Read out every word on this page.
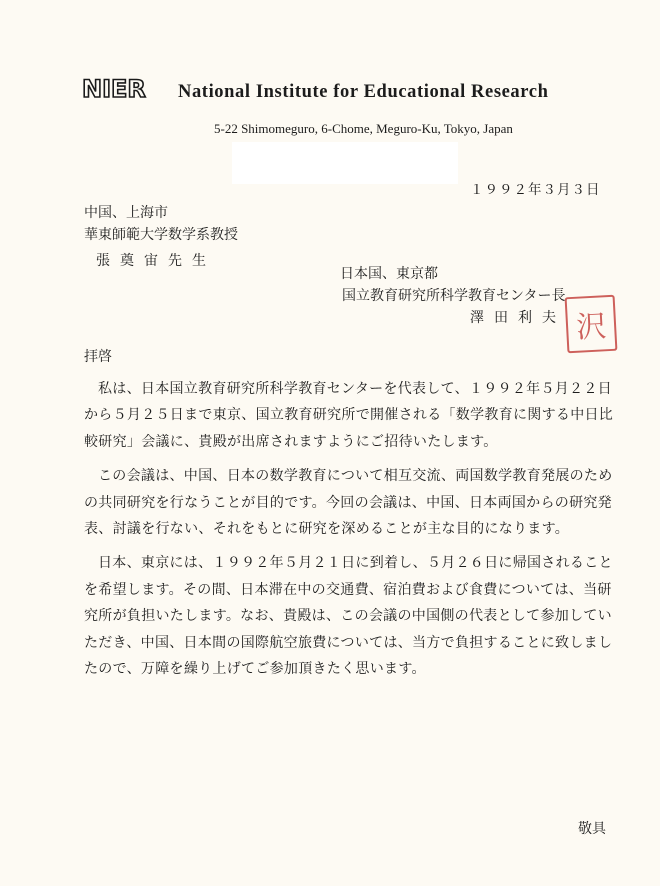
NIER National Institute for Educational Research
5-22 Shimomeguro, 6-Chome, Meguro-Ku, Tokyo, Japan
１９９２年３月３日
中国、上海市
華東師範大学数学系教授
張奠宙先生
日本国、東京都
国立教育研究所科学教育センター長
澤田利夫 沢
拝啓

私は、日本国立教育研究所科学教育センターを代表して、１９９２年５月２２日から５月２５日まで東京、国立教育研究所で開催される「数学教育に関する中日比較研究」会議に、貴殿が出席されますようにご招待いたします。

この会議は、中国、日本の数学教育について相互交流、両国数学教育発展のための共同研究を行なうことが目的です。今回の会議は、中国、日本両国からの研究発表、討議を行ない、それをもとに研究を深めることが主な目的になります。

日本、東京には、１９９２年５月２１日に到着し、５月２６日に帰国されることを希望します。その間、日本滞在中の交通費、宿泊費および食費については、当研究所が負担いたします。なお、貴殿は、この会議の中国側の代表として参加していただき、中国、日本間の国際航空旅費については、当方で負担することに致しましたので、万障を繰り上げてご参加頂きたく思います。

敬具
